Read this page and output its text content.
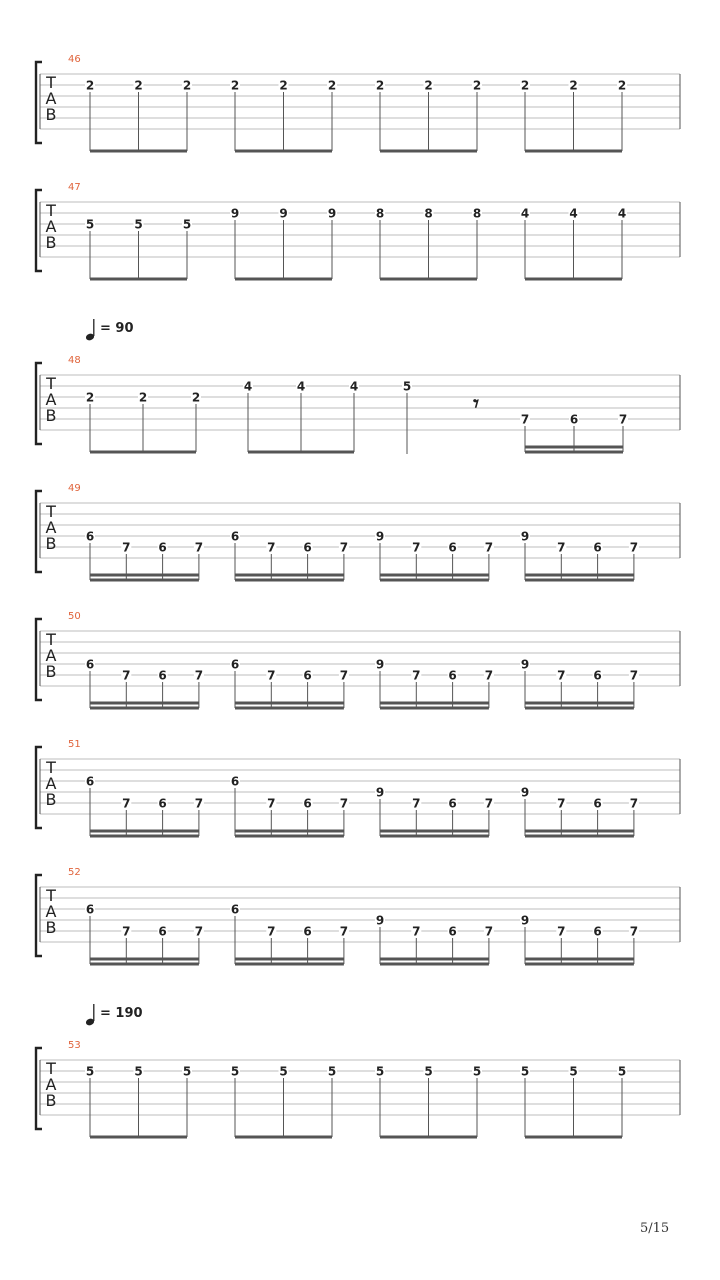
46
T
A
B
2	2	2	2	2	2	2	2	2	2	2	2
47
T
A
B
5	5	5
9	9	9	8	8	8	4	4	4
48
= 90
T
A
B
2	2	2
4	4	4	5
𝄾
7	6	7
49
T
A
B 6
7 6 7
6
7 6 7
9
7 6 7
9
7 6 7
50
T
A
B 6
7 6 7
6
7 6 7
9
7 6 7
9
7 6 7
51
T
A
B
6
7 6 7
6
7 6 7
9
7 6 7
9
7 6 7
52
T
A
B
6
7 6 7
6
7 6 7
9
7 6 7
9
7 6 7
53
= 190
T
A
B
5	5	5	5	5	5	5	5	5	5	5	5
5/15
